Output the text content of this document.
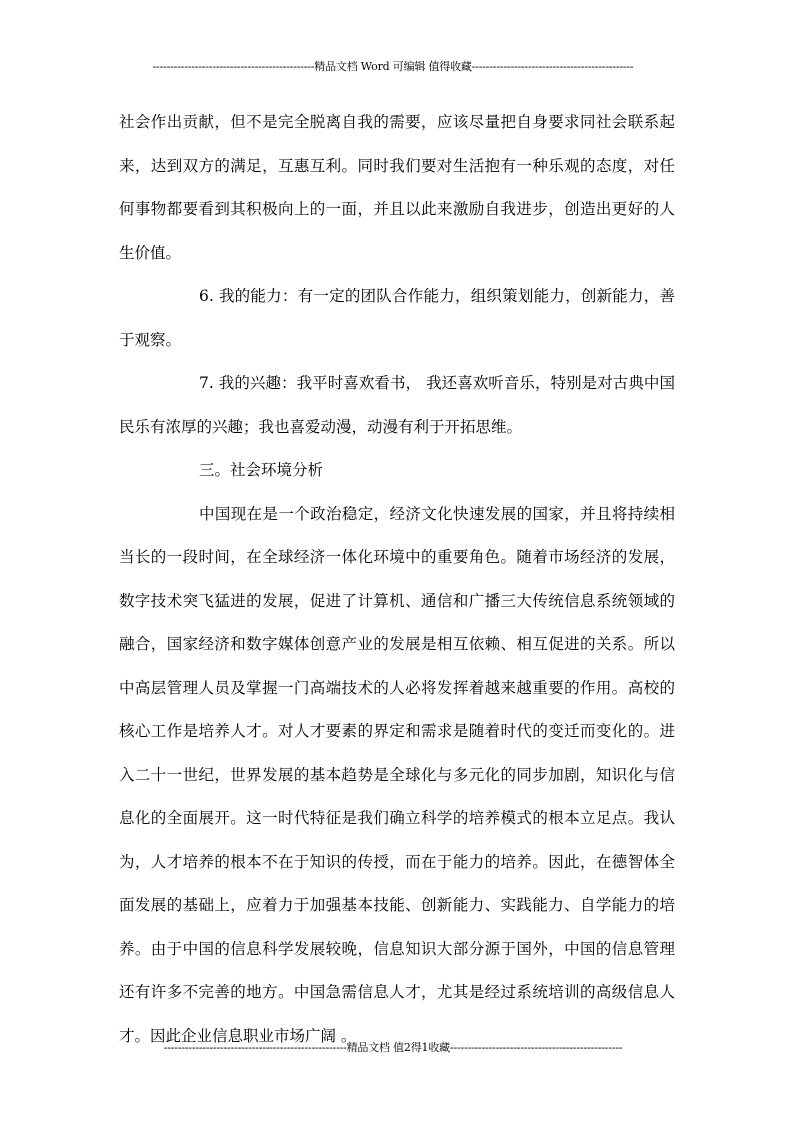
----------------------------------------------精品文档 Word 可编辑 值得收藏----------------------------------------------

社会作出贡献，但不是完全脱离自我的需要，应该尽量把自身要求同社会联系起来，达到双方的满足，互惠互利。同时我们要对生活抱有一种乐观的态度，对任何事物都要看到其积极向上的一面，并且以此来激励自我进步，创造出更好的人生价值。

6. 我的能力：有一定的团队合作能力，组织策划能力，创新能力，善于观察。

7. 我的兴趣：我平时喜欢看书， 我还喜欢听音乐，特别是对古典中国民乐有浓厚的兴趣；我也喜爱动漫，动漫有利于开拓思维。

三。社会环境分析

中国现在是一个政治稳定，经济文化快速发展的国家，并且将持续相当长的一段时间，在全球经济一体化环境中的重要角色。随着市场经济的发展，数字技术突飞猛进的发展，促进了计算机、通信和广播三大传统信息系统领域的融合，国家经济和数字媒体创意产业的发展是相互依赖、相互促进的关系。所以中高层管理人员及掌握一门高端技术的人必将发挥着越来越重要的作用。高校的核心工作是培养人才。对人才要素的界定和需求是随着时代的变迁而变化的。进入二十一世纪，世界发展的基本趋势是全球化与多元化的同步加剧，知识化与信息化的全面展开。这一时代特征是我们确立科学的培养模式的根本立足点。我认为，人才培养的根本不在于知识的传授，而在于能力的培养。因此，在德智体全面发展的基础上，应着力于加强基本技能、创新能力、实践能力、自学能力的培养。由于中国的信息科学发展较晚，信息知识大部分源于国外，中国的信息管理还有许多不完善的地方。中国急需信息人才，尤其是经过系统培训的高级信息人才。因此企业信息职业市场广阔 。

----------------------------------------------------精品文档 值2得1收藏-------------------------------------------------
